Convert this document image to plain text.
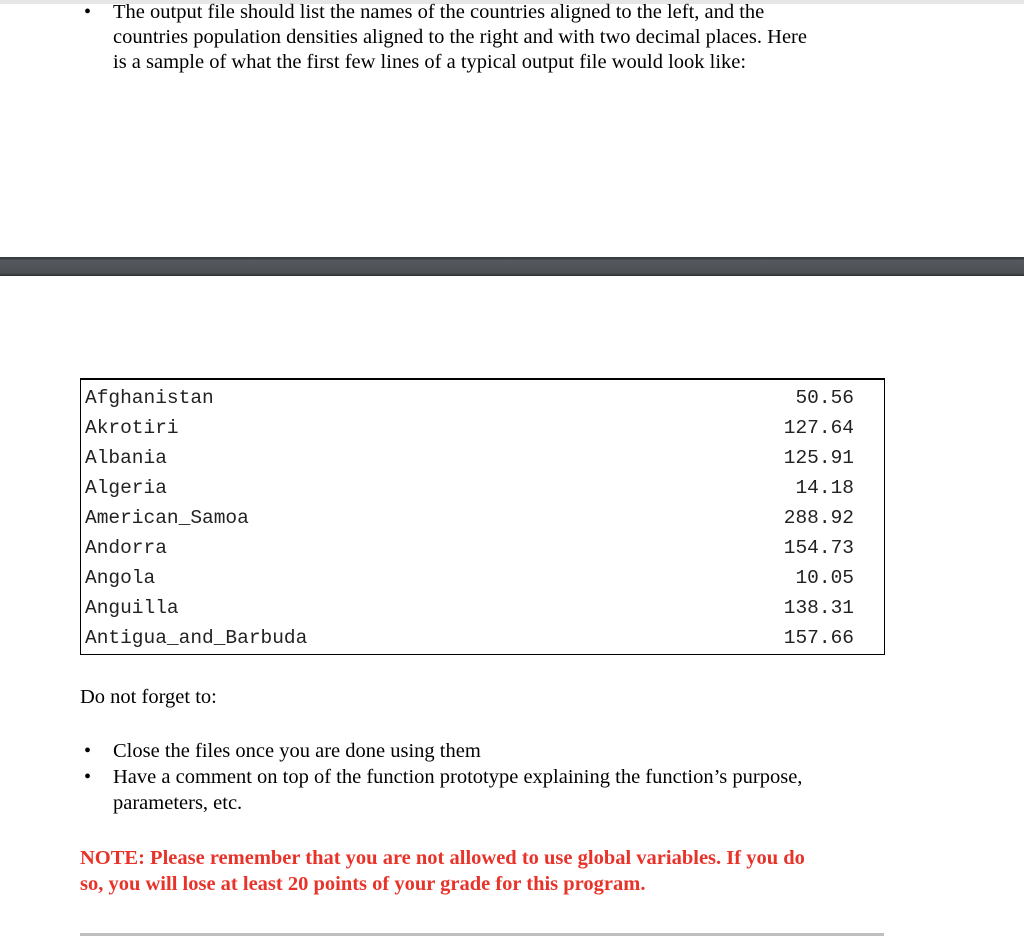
• The output file should list the names of the countries aligned to the left, and the
countries population densities aligned to the right and with two decimal places. Here
is a sample of what the first few lines of a typical output file would look like:
Afghanistan	50.56
Akrotiri	127.64
Albania	125.91
Algeria	14.18
American_Samoa	288.92
Andorra	154.73
Angola	10.05
Anguilla	138.31
Antigua_and_Barbuda	157.66
Do not forget to:
• Close the files once you are done using them
• Have a comment on top of the function prototype explaining the function’s purpose,
parameters, etc.
NOTE: Please remember that you are not allowed to use global variables. If you do
so, you will lose at least 20 points of your grade for this program.
